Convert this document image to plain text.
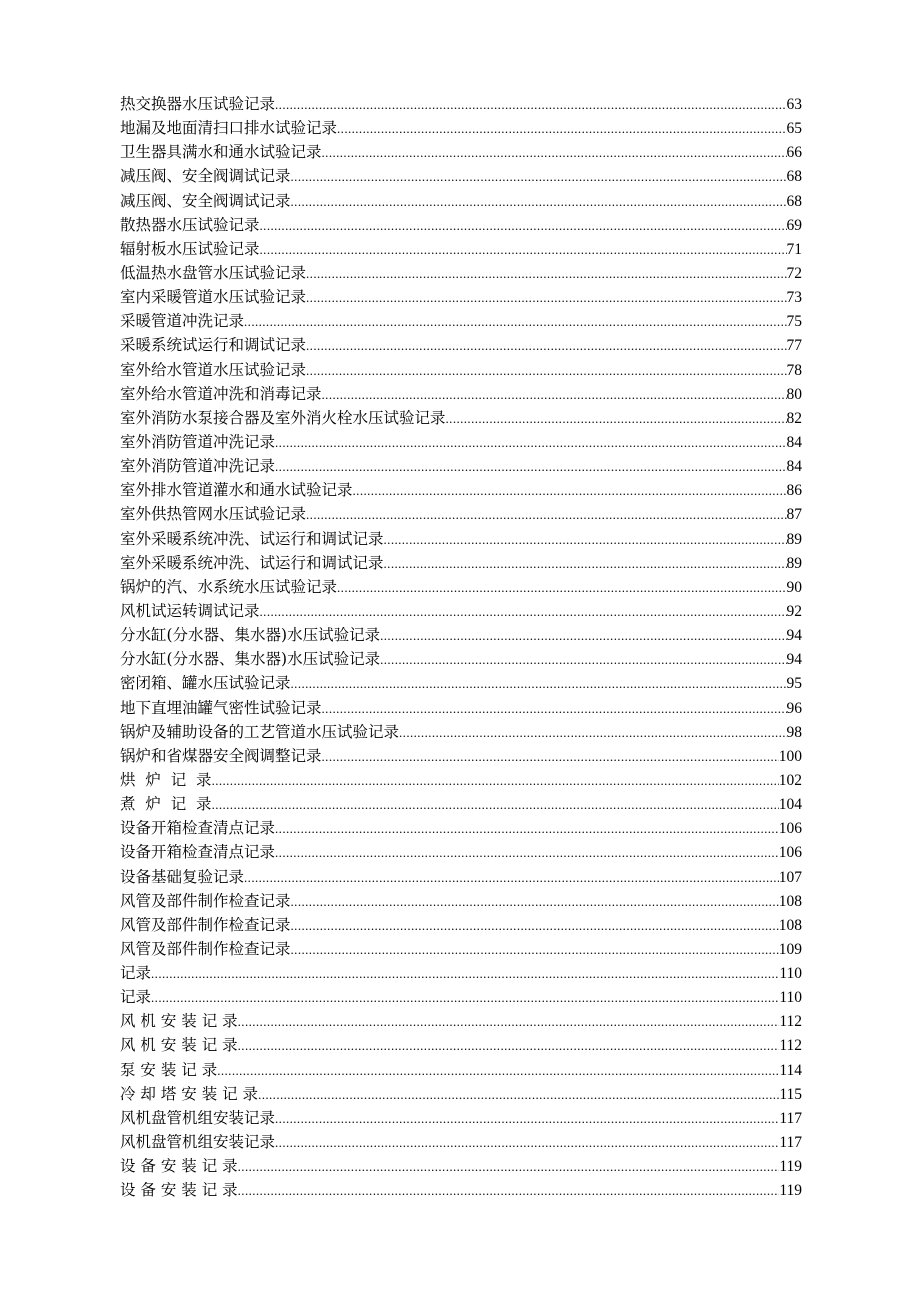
热交换器水压试验记录 .....	63
地漏及地面清扫口排水试验记录 .....	65
卫生器具满水和通水试验记录 .....	66
减压阀、安全阀调试记录 .....	68
减压阀、安全阀调试记录 .....	68
散热器水压试验记录 .....	69
辐射板水压试验记录 .....	71
低温热水盘管水压试验记录 .....	72
室内采暖管道水压试验记录 .....	73
采暖管道冲洗记录 .....	75
采暖系统试运行和调试记录 .....	77
室外给水管道水压试验记录 .....	78
室外给水管道冲洗和消毒记录 .....	80
室外消防水泵接合器及室外消火栓水压试验记录 .....	82
室外消防管道冲洗记录 .....	84
室外消防管道冲洗记录 .....	84
室外排水管道灌水和通水试验记录 .....	86
室外供热管网水压试验记录 .....	87
室外采暖系统冲洗、试运行和调试记录 .....	89
室外采暖系统冲洗、试运行和调试记录 .....	89
锅炉的汽、水系统水压试验记录 .....	90
风机试运转调试记录 .....	92
分水缸(分水器、集水器)水压试验记录 .....	94
分水缸(分水器、集水器)水压试验记录 .....	94
密闭箱、罐水压试验记录 .....	95
地下直埋油罐气密性试验记录 .....	96
锅炉及辅助设备的工艺管道水压试验记录 .....	98
锅炉和省煤器安全阀调整记录 .....	100
烘  炉  记  录 .....	102
煮  炉  记  录 .....	104
设备开箱检查清点记录 .....	106
设备开箱检查清点记录 .....	106
设备基础复验记录 .....	107
风管及部件制作检查记录 .....	108
风管及部件制作检查记录 .....	108
风管及部件制作检查记录 .....	109
记录 .....	110
记录 .....	110
风 机 安 装 记 录 .....	112
风 机 安 装 记 录 .....	112
泵 安 装 记 录 .....	114
冷 却 塔 安 装 记 录 .....	115
风机盘管机组安装记录 .....	117
风机盘管机组安装记录 .....	117
设 备 安 装 记 录 .....	119
设 备 安 装 记 录 .....	119
